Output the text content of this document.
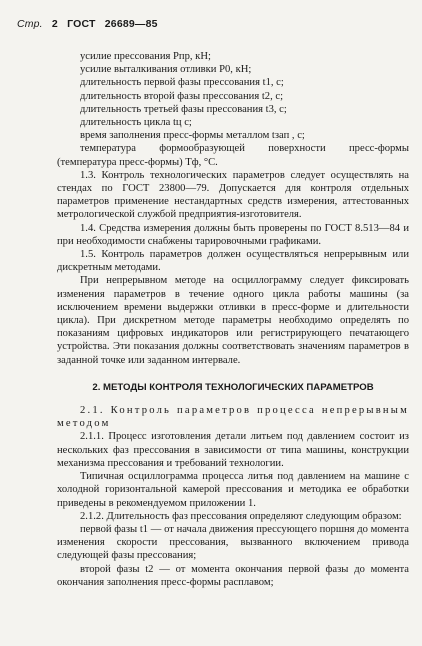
Стр. 2 ГОСТ 26689—85

усилие прессования Pпр, кН;

усилие выталкивания отливки P0, кН;

длительность первой фазы прессования t1, с;

длительность второй фазы прессования t2, с;

длительность третьей фазы прессования t3, с;

длительность цикла tц с;

время заполнения пресс-формы металлом tзап , с;

температура формообразующей поверхности пресс-формы (температура пресс-формы) Tф, °С.

1.3. Контроль технологических параметров следует осуществлять на стендах по ГОСТ 23800—79. Допускается для контроля отдельных параметров применение нестандартных средств измерения, аттестованных метрологической службой предприятия-изготовителя.

1.4. Средства измерения должны быть проверены по ГОСТ 8.513—84 и при необходимости снабжены тарировочными графиками.

1.5. Контроль параметров должен осуществляться непрерывным или дискретным методами.

При непрерывном методе на осциллограмму следует фиксировать изменения параметров в течение одного цикла работы машины (за исключением времени выдержки отливки в пресс-форме и длительности цикла). При дискретном методе параметры необходимо определять по показаниям цифровых индикаторов или регистрирующего печатающего устройства. Эти показания должны соответствовать значениям параметров в заданной точке или заданном интервале.

2. МЕТОДЫ КОНТРОЛЯ ТЕХНОЛОГИЧЕСКИХ ПАРАМЕТРОВ

2.1. Контроль параметров процесса непрерывным методом

2.1.1. Процесс изготовления детали литьем под давлением состоит из нескольких фаз прессования в зависимости от типа машины, конструкции механизма прессования и требований технологии.

Типичная осциллограмма процесса литья под давлением на машине с холодной горизонтальной камерой прессования и методика ее обработки приведены в рекомендуемом приложении 1.

2.1.2. Длительность фаз прессования определяют следующим образом:

первой фазы t1 — от начала движения прессующего поршня до момента изменения скорости прессования, вызванного включением привода следующей фазы прессования;

второй фазы t2 — от момента окончания первой фазы до момента окончания заполнения пресс-формы расплавом;
